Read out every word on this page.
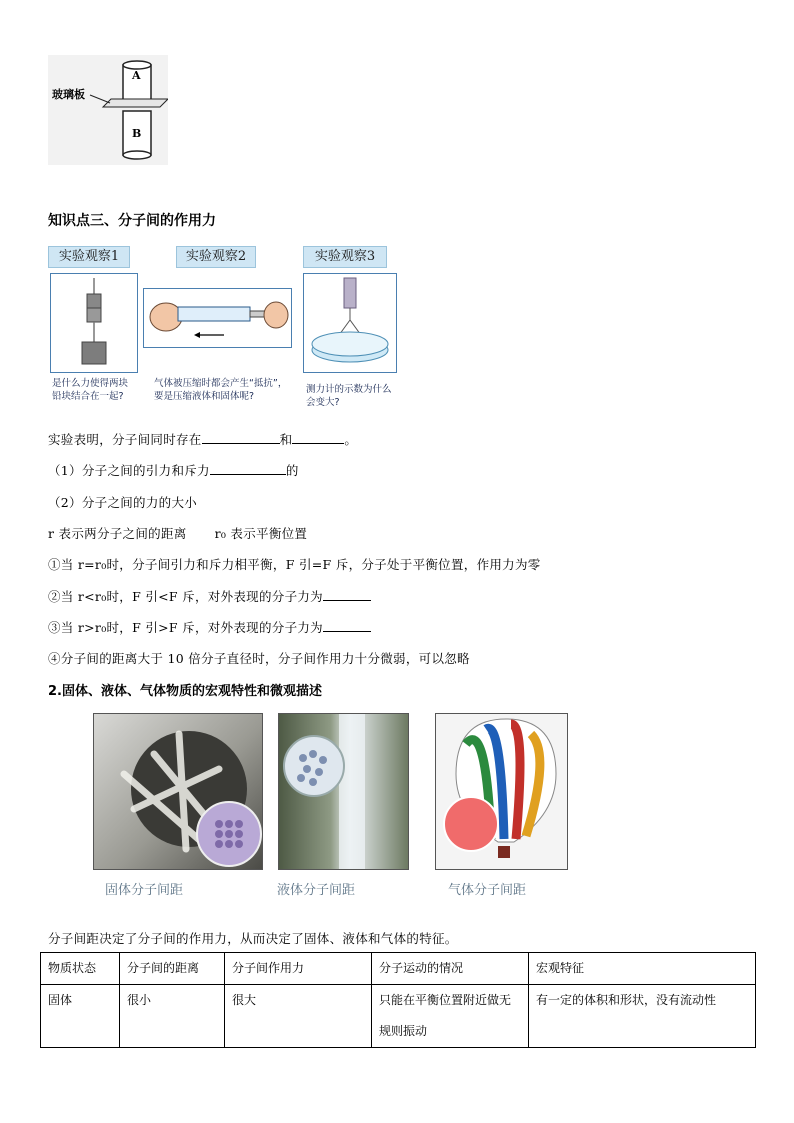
玻璃板
A
B
知识点三、分子间的作用力
实验观察1	实验观察2	实验观察3
是什么力使得两块铅块结合在一起?
气体被压缩时都会产生“抵抗”，要是压缩液体和固体呢?
测力计的示数为什么会变大?
实验表明，分子间同时存在	和	。
（1）分子之间的引力和斥力	的
（2）分子之间的力的大小
r 表示两分子之间的距离 r₀ 表示平衡位置
①当 r=r₀时，分子间引力和斥力相平衡，F 引=F 斥，分子处于平衡位置，作用力为零
②当 r<r₀时，F 引<F 斥，对外表现的分子力为
③当 r>r₀时，F 引>F 斥，对外表现的分子力为
④分子间的距离大于 10 倍分子直径时，分子间作用力十分微弱，可以忽略
2.固体、液体、气体物质的宏观特性和微观描述
固体分子间距	液体分子间距	气体分子间距
分子间距决定了分子间的作用力，从而决定了固体、液体和气体的特征。
物质状态	分子间的距离	分子间作用力	分子运动的情况	宏观特征
固体	很小	很大	只能在平衡位置附近做无规则振动	有一定的体积和形状，没有流动性
